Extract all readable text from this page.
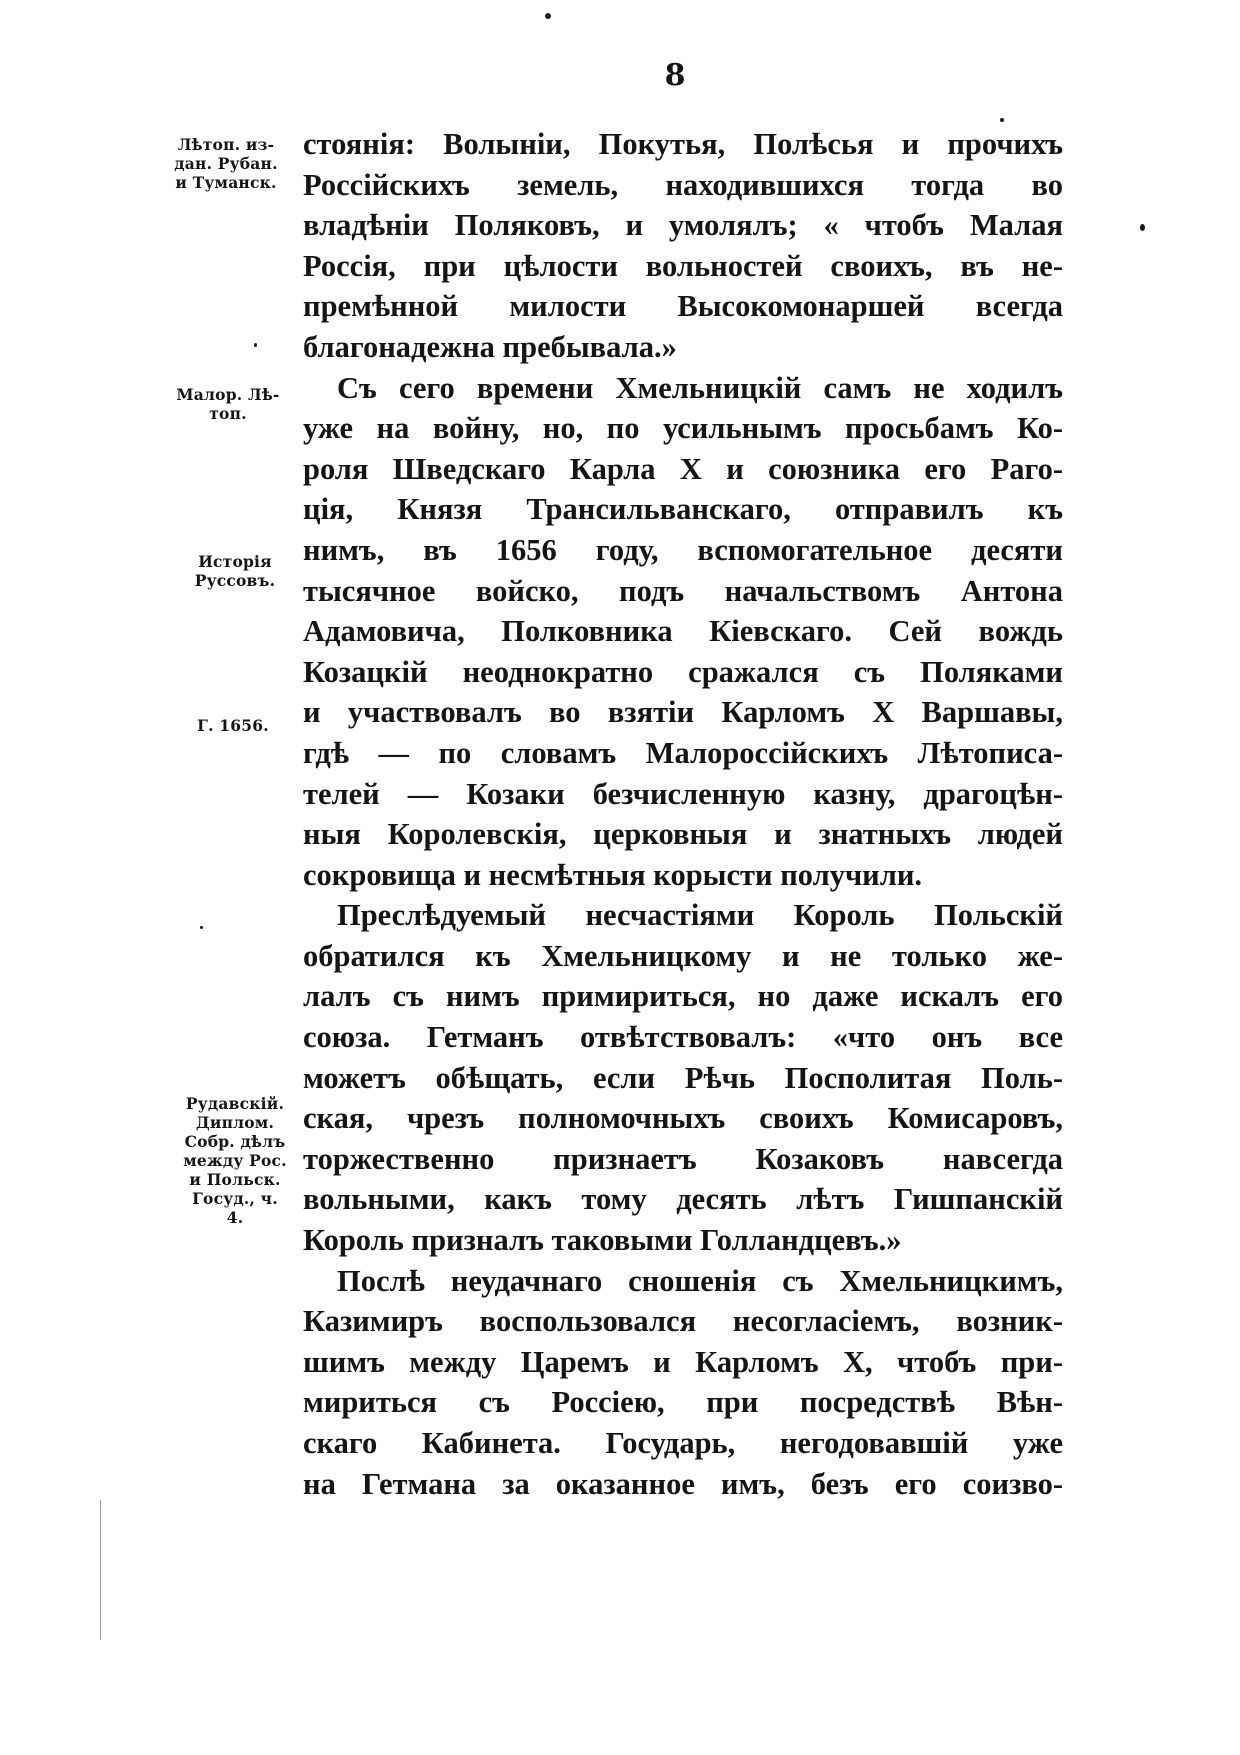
8
Лѣтоп. из-
дан. Рубан.
и Туманск.
Малор. Лѣ-
топ.
Исторія
Руссовъ.
Г. 1656.
Рудавскій.
Диплом.
Собр. дѣлъ
между Рос.
и Польск.
Госуд., ч.
4.
стоянія: Волыніи, Покутья, Полѣсья и прочихъ
Россійскихъ земель, находившихся тогда во
владѣніи Поляковъ, и умолялъ; « чтобъ Малая
Россія, при цѣлости вольностей своихъ, въ не-
премѣнной милости Высокомонаршей всегда
благонадежна пребывала.»
Съ сего времени Хмельницкій самъ не ходилъ
уже на войну, но, по усильнымъ просьбамъ Ко-
роля Шведскаго Карла Х и союзника его Раго-
ція, Князя Трансильванскаго, отправилъ къ
нимъ, въ 1656 году, вспомогательное десяти
тысячное войско, подъ начальствомъ Антона
Адамовича, Полковника Кіевскаго. Сей вождь
Козацкій неоднократно сражался съ Поляками
и участвовалъ во взятіи Карломъ Х Варшавы,
гдѣ — по словамъ Малороссійскихъ Лѣтописа-
телей — Козаки безчисленную казну, драгоцѣн-
ныя Королевскія, церковныя и знатныхъ людей
сокровища и несмѣтныя корысти получили.
Преслѣдуемый несчастіями Король Польскій
обратился къ Хмельницкому и не только же-
лалъ съ нимъ примириться, но даже искалъ его
союза. Гетманъ отвѣтствовалъ: «что онъ все
можетъ обѣщать, если Рѣчь Посполитая Поль-
ская, чрезъ полномочныхъ своихъ Комисаровъ,
торжественно признаетъ Козаковъ навсегда
вольными, какъ тому десять лѣтъ Гишпанскій
Король призналъ таковыми Голландцевъ.»
Послѣ неудачнаго сношенія съ Хмельницкимъ,
Казимиръ воспользовался несогласіемъ, возник-
шимъ между Царемъ и Карломъ Х, чтобъ при-
мириться съ Россіею, при посредствѣ Вѣн-
скаго Кабинета. Государь, негодовавшій уже
на Гетмана за оказанное имъ, безъ его соизво-
